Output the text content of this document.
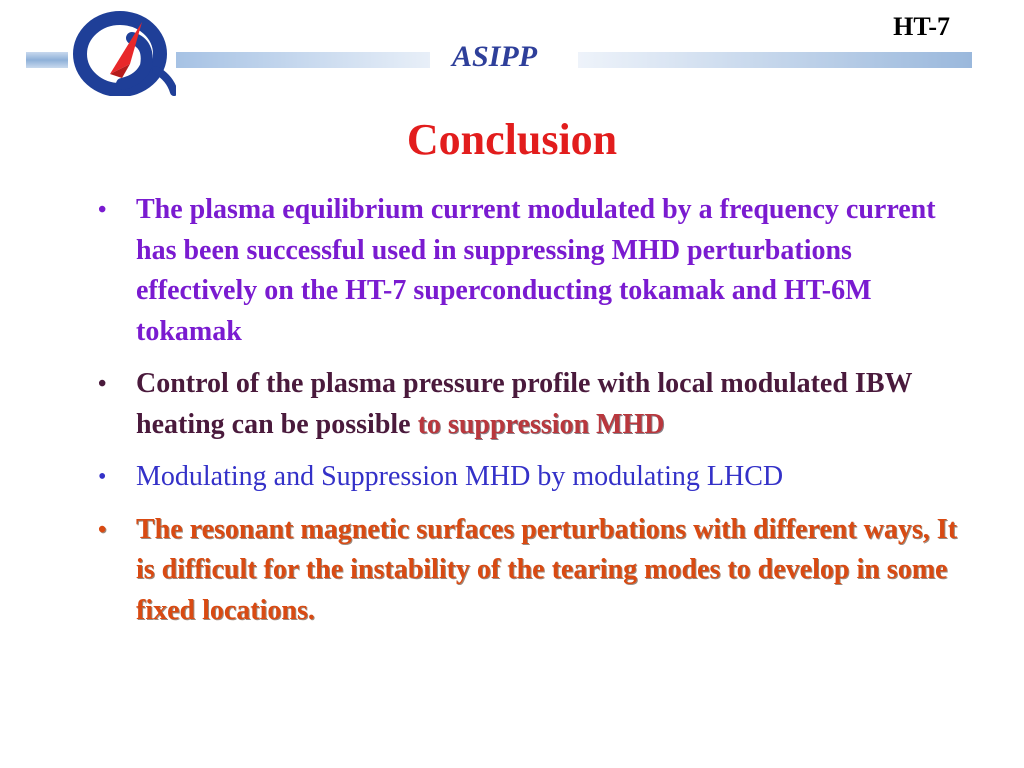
HT-7
ASIPP
Conclusion
• The plasma equilibrium current modulated by a frequency current has been successful used in suppressing MHD perturbations effectively on the HT-7 superconducting tokamak and HT-6M tokamak
• Control of the plasma pressure profile with local modulated IBW heating can be possible to suppression MHD
• Modulating and Suppression MHD by modulating LHCD
• The resonant magnetic surfaces perturbations with different ways, It is difficult for the instability of the tearing modes to develop in some fixed locations.
